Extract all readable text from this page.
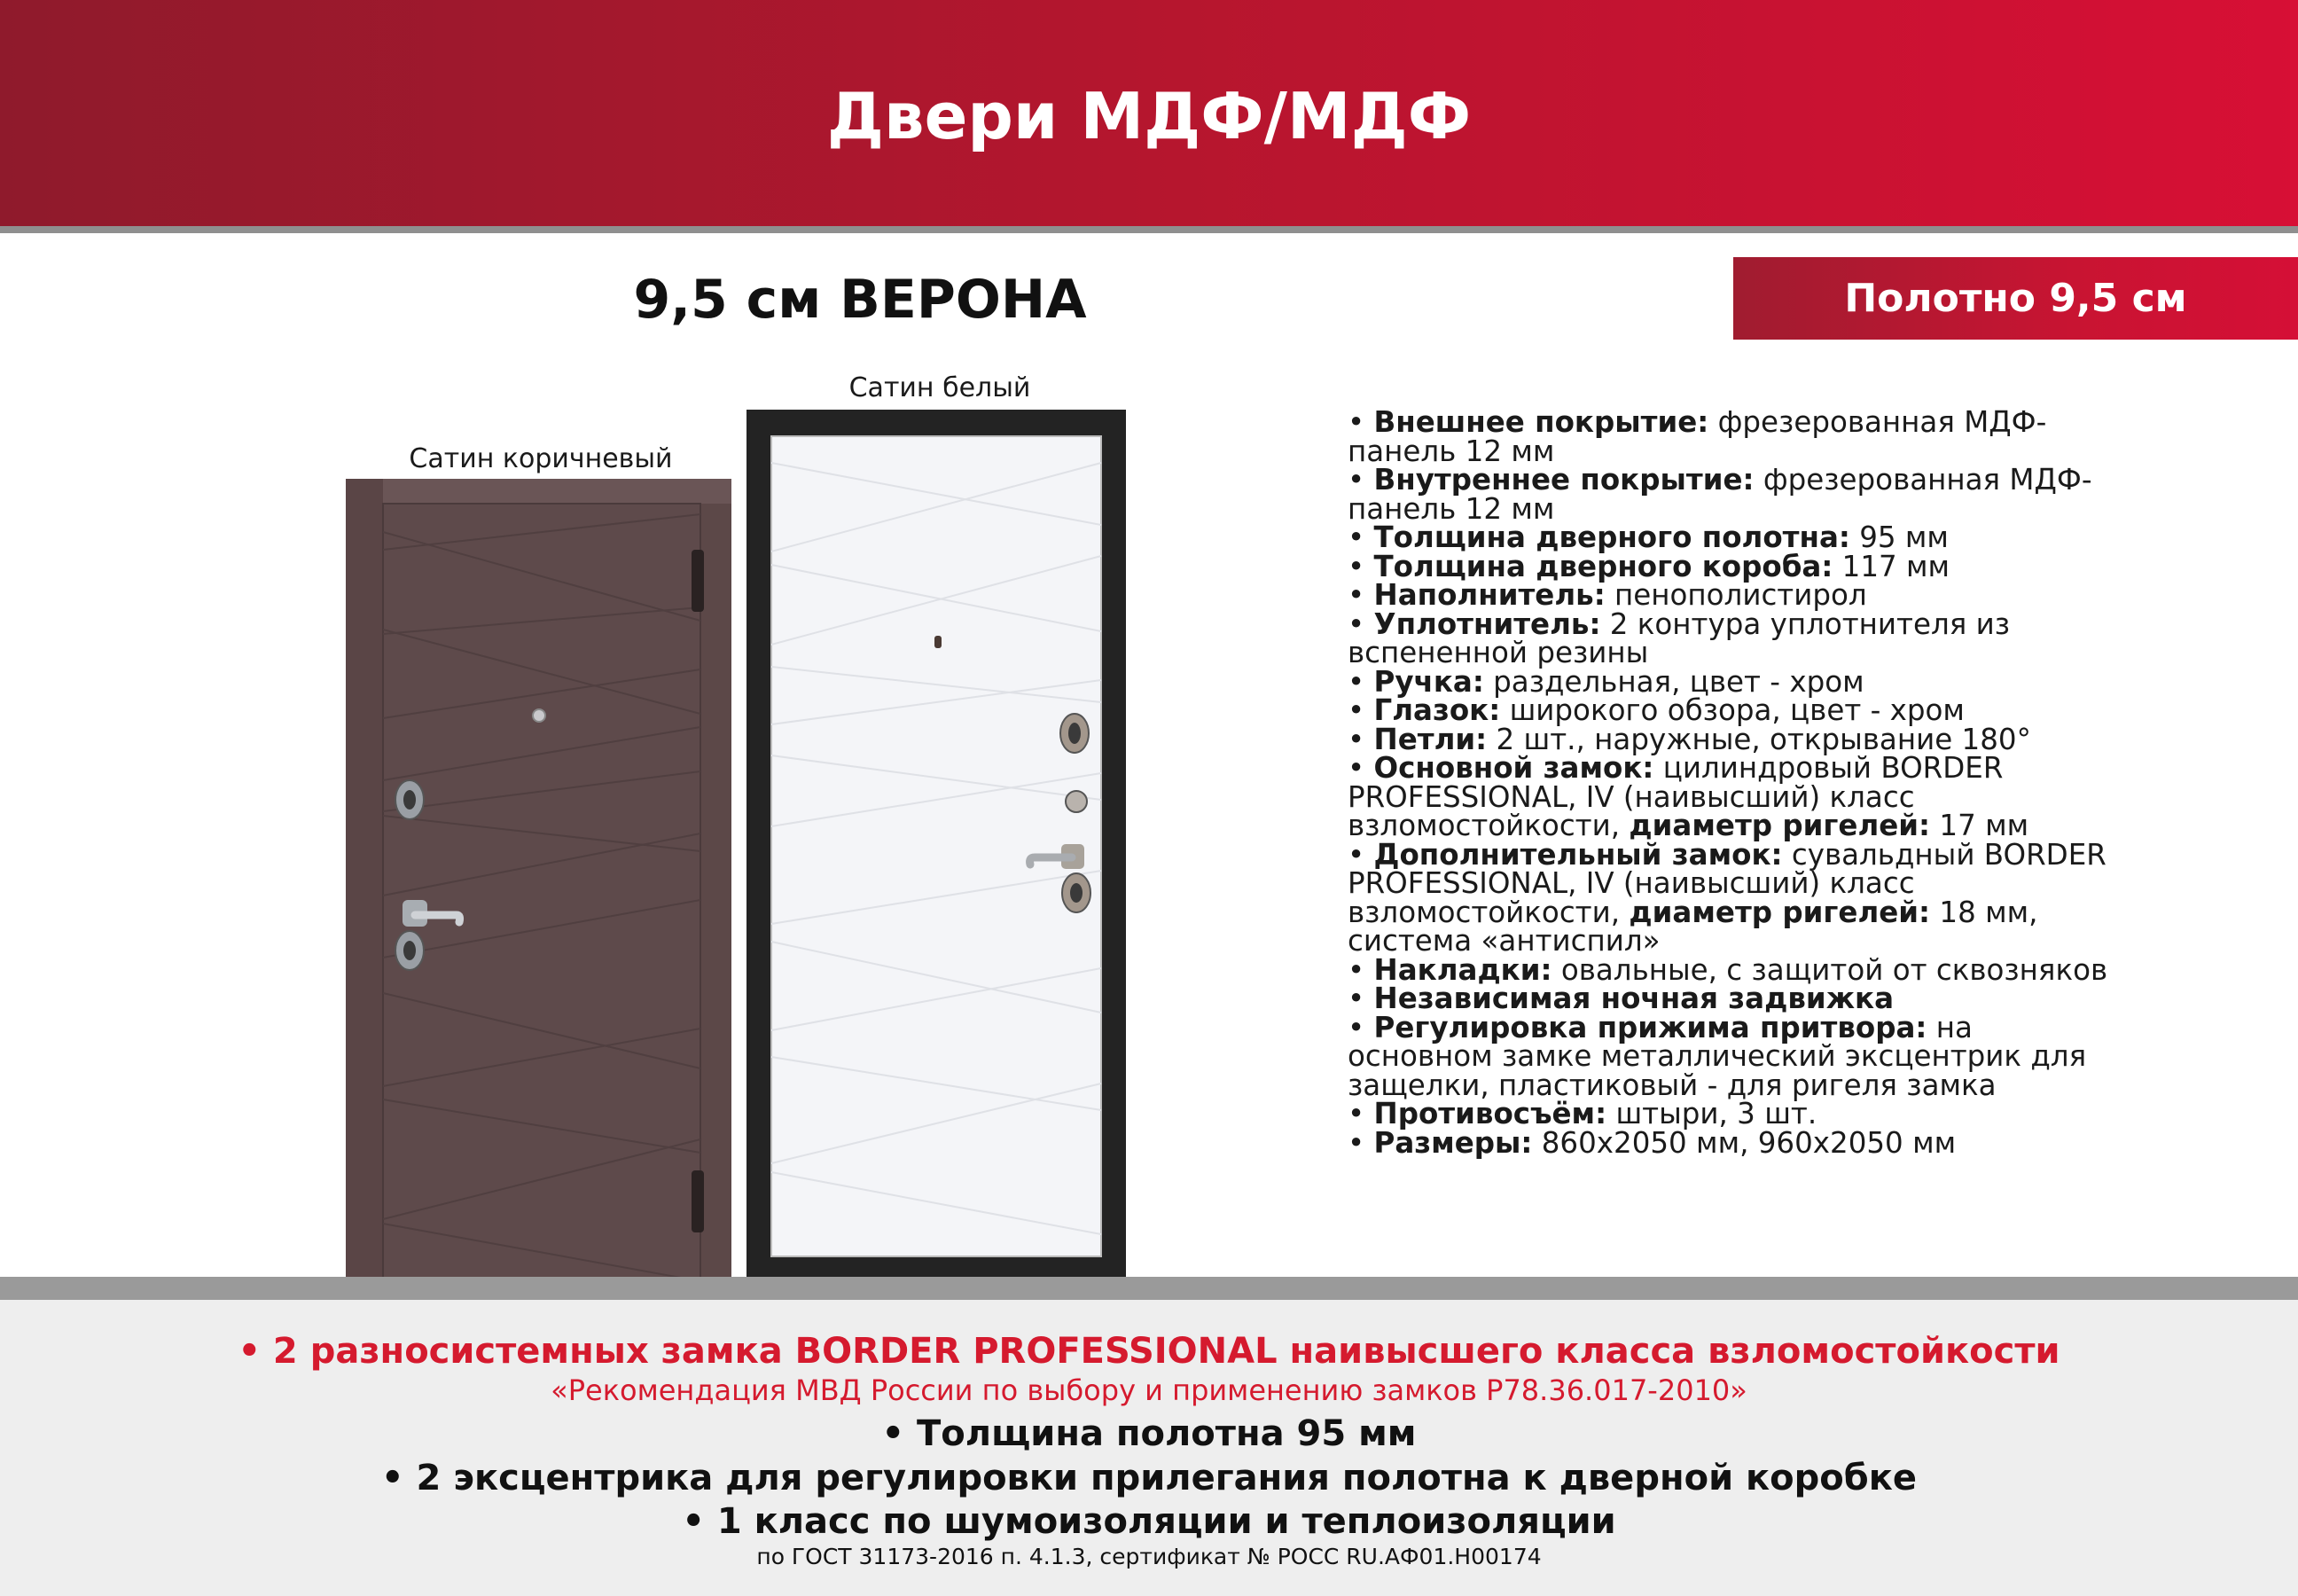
Двери МДФ/МДФ
9,5 см ВЕРОНА	Полотно 9,5 см
Сатин коричневый
Сатин белый
• Внешнее покрытие: фрезерованная МДФ-
панель 12 мм
• Внутреннее покрытие: фрезерованная МДФ-
панель 12 мм
• Толщина дверного полотна: 95 мм
• Толщина дверного короба: 117 мм
• Наполнитель: пенополистирол
• Уплотнитель: 2 контура уплотнителя из
вспененной резины
• Ручка: раздельная, цвет - хром
• Глазок: широкого обзора, цвет - хром
• Петли: 2 шт., наружные, открывание 180°
• Основной замок: цилиндровый BORDER
PROFESSIONAL, IV (наивысший) класс
взломостойкости, диаметр ригелей: 17 мм
• Дополнительный замок: сувальдный BORDER
PROFESSIONAL, IV (наивысший) класс
взломостойкости, диаметр ригелей: 18 мм,
система «антиспил»
• Накладки: овальные, с защитой от сквозняков
• Независимая ночная задвижка
• Регулировка прижима притвора: на
основном замке металлический эксцентрик для
защелки, пластиковый - для ригеля замка
• Противосъём: штыри, 3 шт.
• Размеры: 860х2050 мм, 960х2050 мм
• 2 разносистемных замка BORDER PROFESSIONAL наивысшего класса взломостойкости
«Рекомендация МВД России по выбору и применению замков Р78.36.017-2010»
• Толщина полотна 95 мм
• 2 эксцентрика для регулировки прилегания полотна к дверной коробке
• 1 класс по шумоизоляции и теплоизоляции
по ГОСТ 31173-2016 п. 4.1.3, сертификат № РОСС RU.АФ01.Н00174
